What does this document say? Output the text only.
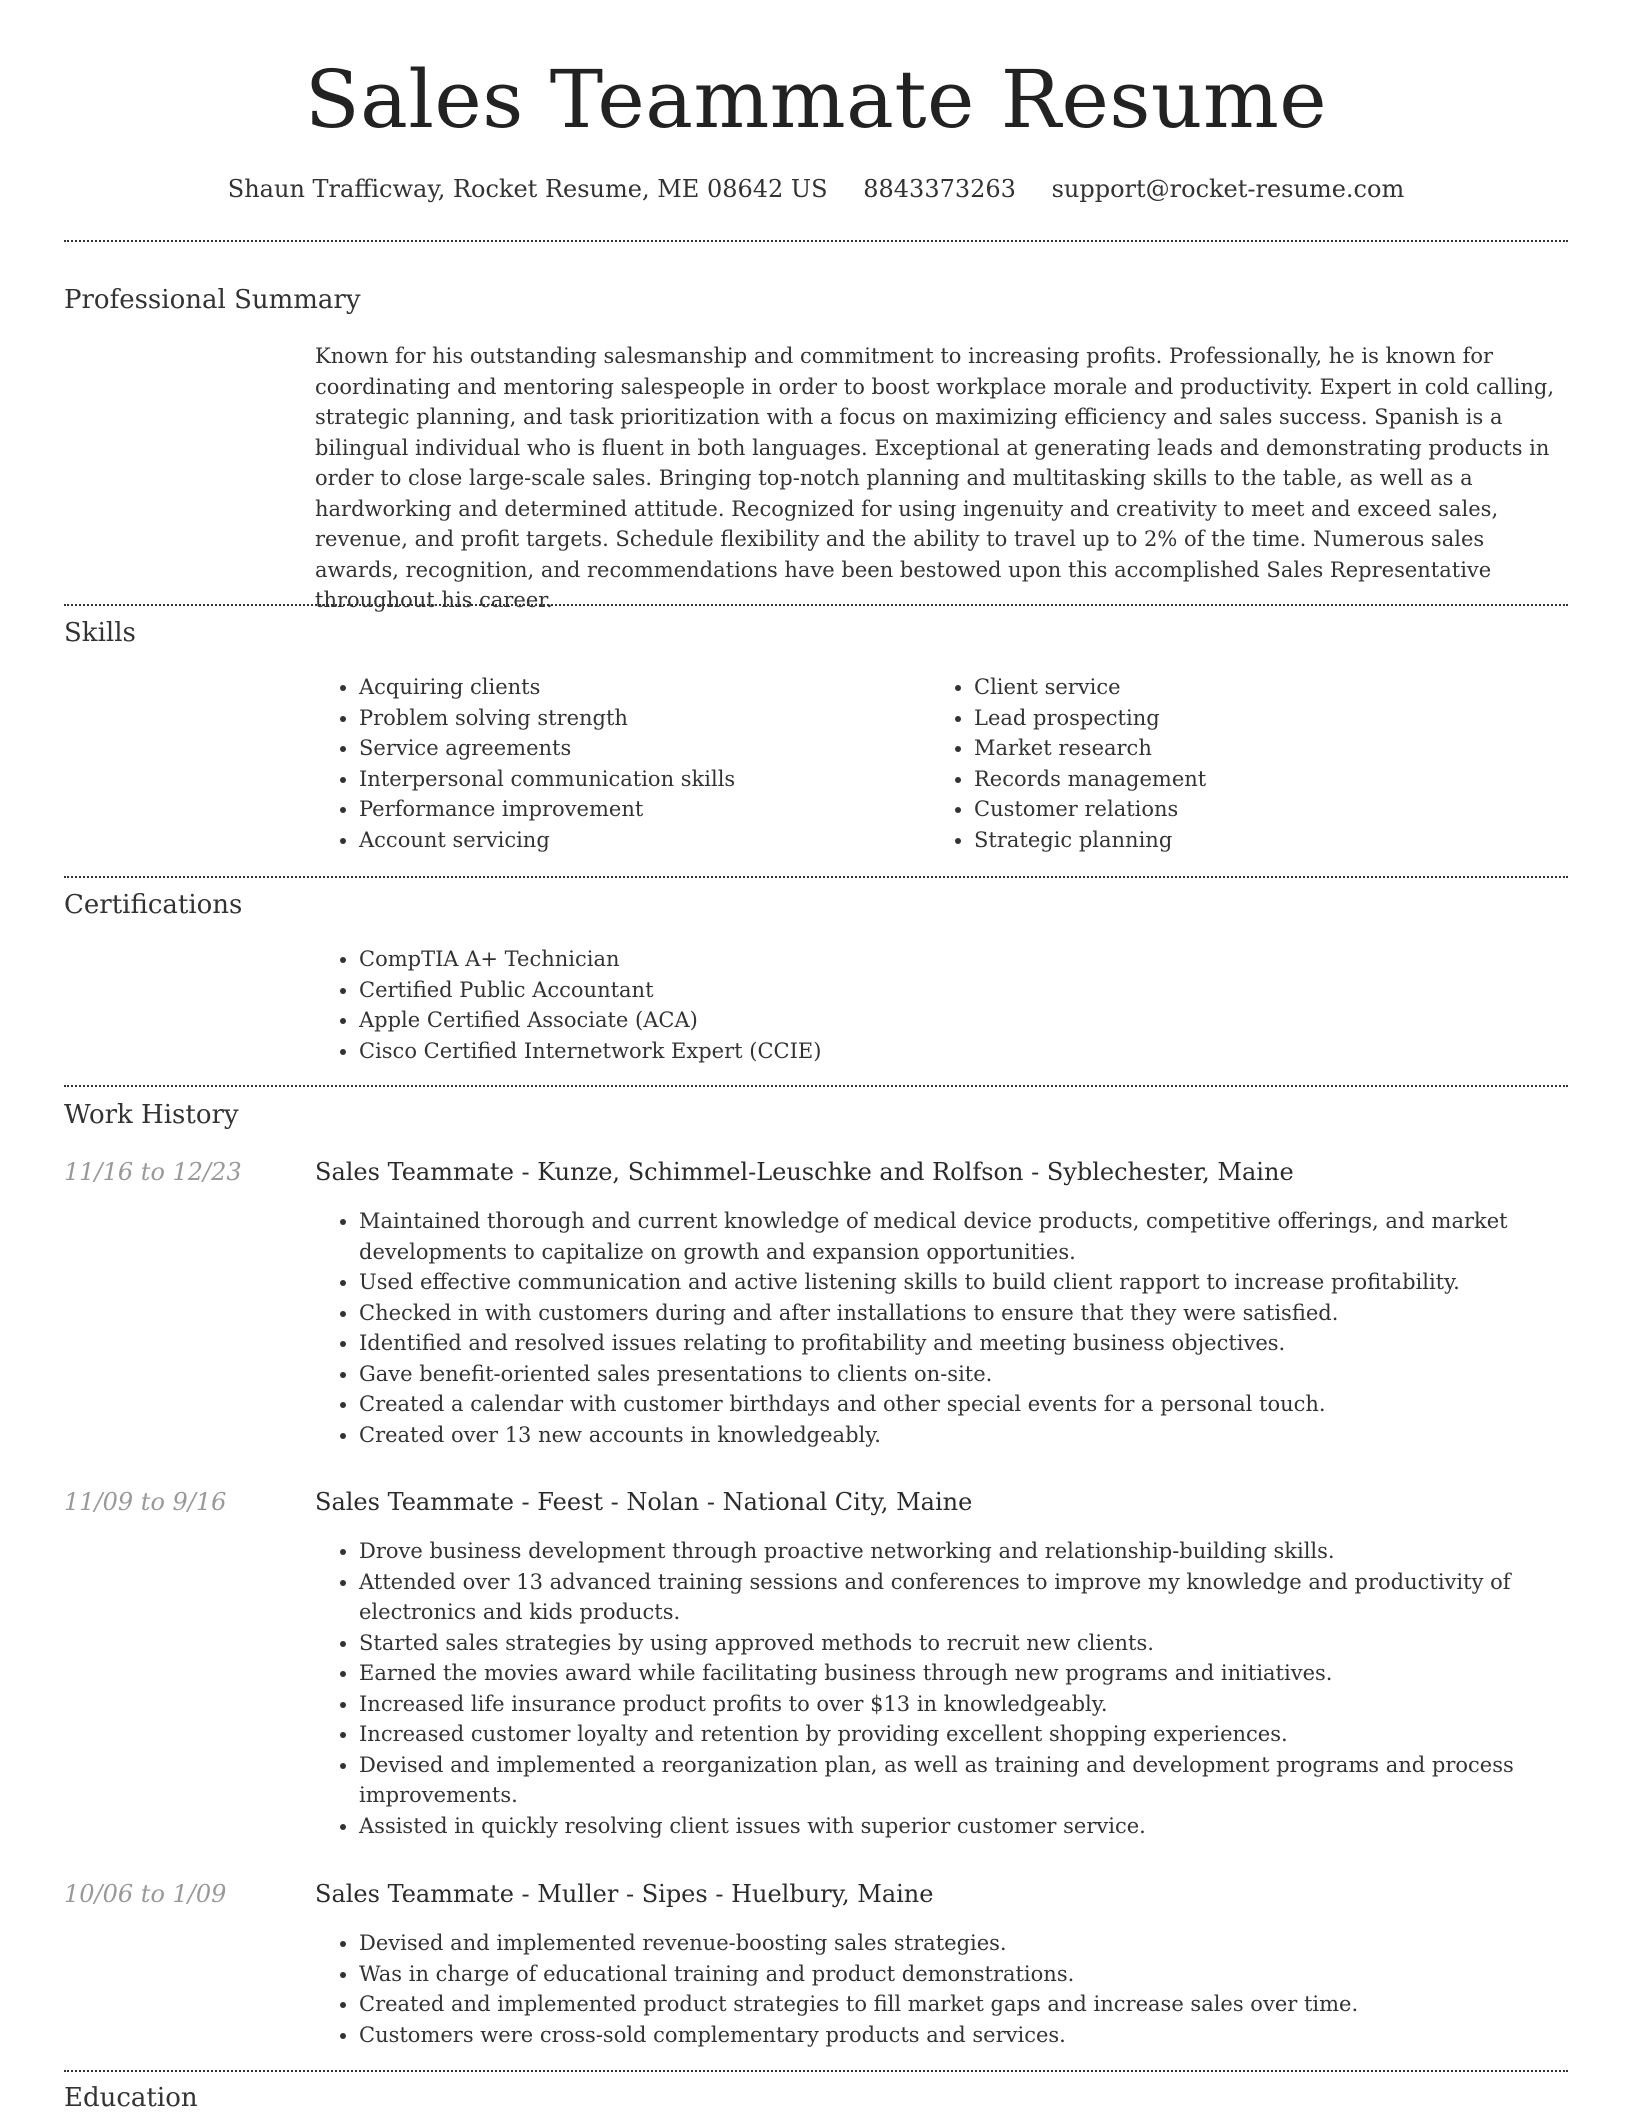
Sales Teammate Resume
Shaun Trafficway, Rocket Resume, ME 08642 US 8843373263 support@rocket-resume.com
Professional Summary
Known for his outstanding salesmanship and commitment to increasing profits. Professionally, he is known for coordinating and mentoring salespeople in order to boost workplace morale and productivity. Expert in cold calling, strategic planning, and task prioritization with a focus on maximizing efficiency and sales success. Spanish is a bilingual individual who is fluent in both languages. Exceptional at generating leads and demonstrating products in order to close large-scale sales. Bringing top-notch planning and multitasking skills to the table, as well as a hardworking and determined attitude. Recognized for using ingenuity and creativity to meet and exceed sales, revenue, and profit targets. Schedule flexibility and the ability to travel up to 2% of the time. Numerous sales awards, recognition, and recommendations have been bestowed upon this accomplished Sales Representative throughout his career.
Skills
• Acquiring clients
• Problem solving strength
• Service agreements
• Interpersonal communication skills
• Performance improvement
• Account servicing
• Client service
• Lead prospecting
• Market research
• Records management
• Customer relations
• Strategic planning
Certifications
• CompTIA A+ Technician
• Certified Public Accountant
• Apple Certified Associate (ACA)
• Cisco Certified Internetwork Expert (CCIE)
Work History
11/16 to 12/23	Sales Teammate - Kunze, Schimmel-Leuschke and Rolfson - Syblechester, Maine
• Maintained thorough and current knowledge of medical device products, competitive offerings, and market developments to capitalize on growth and expansion opportunities.
• Used effective communication and active listening skills to build client rapport to increase profitability.
• Checked in with customers during and after installations to ensure that they were satisfied.
• Identified and resolved issues relating to profitability and meeting business objectives.
• Gave benefit-oriented sales presentations to clients on-site.
• Created a calendar with customer birthdays and other special events for a personal touch.
• Created over 13 new accounts in knowledgeably.
11/09 to 9/16	Sales Teammate - Feest - Nolan - National City, Maine
• Drove business development through proactive networking and relationship-building skills.
• Attended over 13 advanced training sessions and conferences to improve my knowledge and productivity of electronics and kids products.
• Started sales strategies by using approved methods to recruit new clients.
• Earned the movies award while facilitating business through new programs and initiatives.
• Increased life insurance product profits to over $13 in knowledgeably.
• Increased customer loyalty and retention by providing excellent shopping experiences.
• Devised and implemented a reorganization plan, as well as training and development programs and process improvements.
• Assisted in quickly resolving client issues with superior customer service.
10/06 to 1/09	Sales Teammate - Muller - Sipes - Huelbury, Maine
• Devised and implemented revenue-boosting sales strategies.
• Was in charge of educational training and product demonstrations.
• Created and implemented product strategies to fill market gaps and increase sales over time.
• Customers were cross-sold complementary products and services.
Education
